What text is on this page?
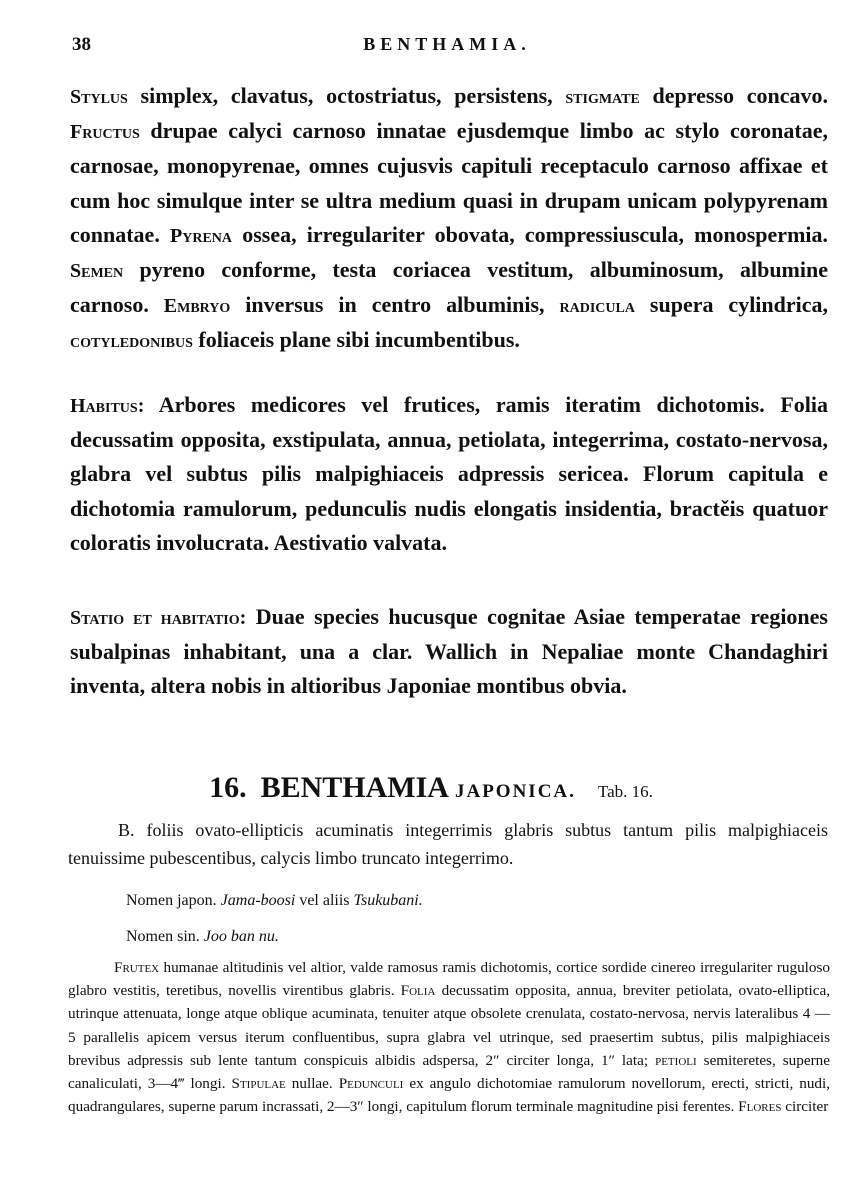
38	BENTHAMIA.

Stylus simplex, clavatus, octostriatus, persistens, stigmate depresso concavo. Fructus drupae calyci carnoso innatae ejusdemque limbo ac stylo coronatae, carnosae, monopyrenae, omnes cujusvis capituli receptaculo carnoso affixae et cum hoc simulque inter se ultra medium quasi in drupam unicam polypyrenam connatae. Pyrena ossea, irregulariter obovata, compressiuscula, monospermia. Semen pyreno conforme, testa coriacea vestitum, albuminosum, albumine carnoso. Embryo inversus in centro albuminis, radicula supera cylindrica, cotyledonibus foliaceis plane sibi incumbentibus.

Habitus: Arbores medicores vel frutices, ramis iteratim dichotomis. Folia decussatim opposita, exstipulata, annua, petiolata, integerrima, costato-nervosa, glabra vel subtus pilis malpighiaceis adpressis sericea. Florum capitula e dichotomia ramulorum, pedunculis nudis elongatis insidentia, bractěis quatuor coloratis involucrata. Aestivatio valvata.

Statio et habitatio: Duae species hucusque cognitae Asiae temperatae regiones subalpinas inhabitant, una a clar. Wallich in Nepaliae monte Chandaghiri inventa, altera nobis in altioribus Japoniae montibus obvia.

16. BENTHAMIA JAPONICA. Tab. 16.

B. foliis ovato-ellipticis acuminatis integerrimis glabris subtus tantum pilis malpighiaceis tenuissime pubescentibus, calycis limbo truncato integerrimo.

Nomen japon. Jama-boosi vel aliis Tsukubani.
Nomen sin. Joo ban nu.

Frutex humanae altitudinis vel altior, valde ramosus ramis dichotomis, cortice sordide cinereo irregulariter ruguloso glabro vestitis, teretibus, novellis virentibus glabris. Folia decussatim opposita, annua, breviter petiolata, ovato-elliptica, utrinque attenuata, longe atque oblique acuminata, tenuiter atque obsolete crenulata, costato-nervosa, nervis lateralibus 4 — 5 parallelis apicem versus iterum confluentibus, supra glabra vel utrinque, sed praesertim subtus, pilis malpighiaceis brevibus adpressis sub lente tantum conspicuis albidis adspersa, 2″ circiter longa, 1″ lata; petioli semiteretes, superne canaliculati, 3—4‴ longi. Stipulae nullae. Pedunculi ex angulo dichotomiae ramulorum novellorum, erecti, stricti, nudi, quadrangulares, superne parum incrassati, 2—3″ longi, capitulum florum terminale magnitudine pisi ferentes. Flores circiter
